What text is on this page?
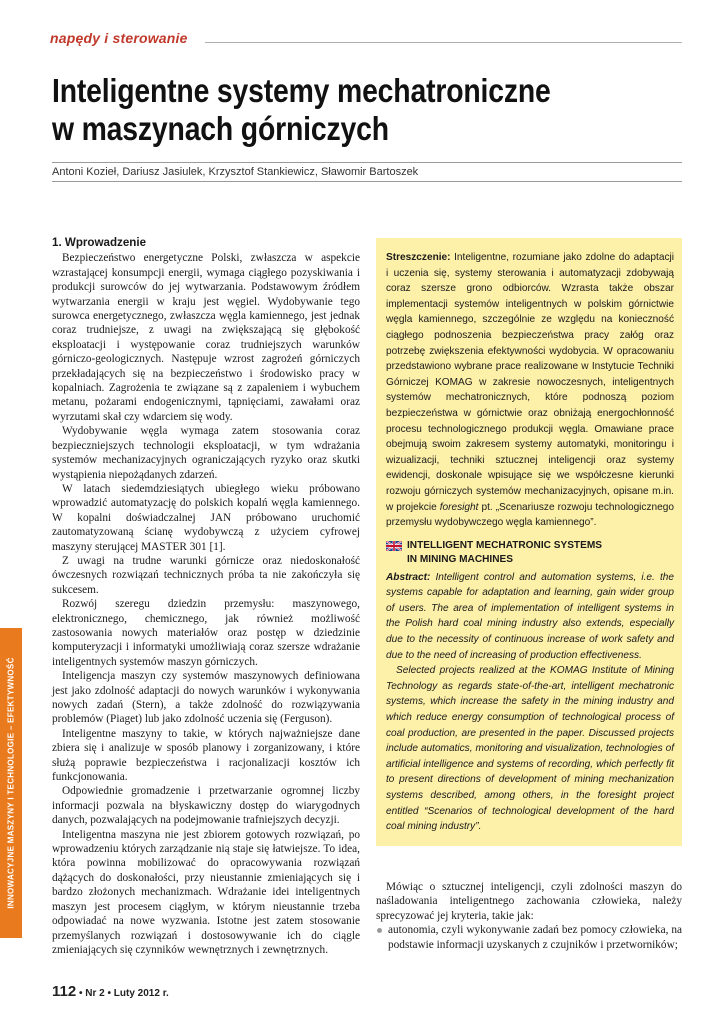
napędy i sterowanie
Inteligentne systemy mechatroniczne
w maszynach górniczych
Antoni Kozieł, Dariusz Jasiulek, Krzysztof Stankiewicz, Sławomir Bartoszek
INNOWACYJNE MASZYNY I TECHNOLOGIE – EFEKTYWNOŚĆ
1. Wprowadzenie

Bezpieczeństwo energetyczne Polski, zwłaszcza w aspekcie wzrastającej konsumpcji energii, wymaga ciągłego pozyskiwania i produkcji surowców do jej wytwarzania. Podstawowym źródłem wytwarzania energii w kraju jest węgiel. Wydobywanie tego surowca energetycznego, zwłaszcza węgla kamiennego, jest jednak coraz trudniejsze, z uwagi na zwiększającą się głębokość eksploatacji i występowanie coraz trudniejszych warunków górniczo-geologicznych. Następuje wzrost zagrożeń górniczych przekładających się na bezpieczeństwo i środowisko pracy w kopalniach. Zagrożenia te związane są z zapaleniem i wybuchem metanu, pożarami endogenicznymi, tąpnięciami, zawałami oraz wyrzutami skał czy wdarciem się wody.

Wydobywanie węgla wymaga zatem stosowania coraz bezpieczniejszych technologii eksploatacji, w tym wdrażania systemów mechanizacyjnych ograniczających ryzyko oraz skutki wystąpienia niepożądanych zdarzeń.

W latach siedemdziesiątych ubiegłego wieku próbowano wprowadzić automatyzację do polskich kopalń węgla kamiennego. W kopalni doświadczalnej JAN próbowano uruchomić zautomatyzowaną ścianę wydobywczą z użyciem cyfrowej maszyny sterującej MASTER 301 [1].

Z uwagi na trudne warunki górnicze oraz niedoskonałość ówczesnych rozwiązań technicznych próba ta nie zakończyła się sukcesem.

Rozwój szeregu dziedzin przemysłu: maszynowego, elektronicznego, chemicznego, jak również możliwość zastosowania nowych materiałów oraz postęp w dziedzinie komputeryzacji i informatyki umożliwiają coraz szersze wdrażanie inteligentnych systemów maszyn górniczych.

Inteligencja maszyn czy systemów maszynowych definiowana jest jako zdolność adaptacji do nowych warunków i wykonywania nowych zadań (Stern), a także zdolność do rozwiązywania problemów (Piaget) lub jako zdolność uczenia się (Ferguson).

Inteligentne maszyny to takie, w których najważniejsze dane zbiera się i analizuje w sposób planowy i zorganizowany, i które służą poprawie bezpieczeństwa i racjonalizacji kosztów ich funkcjonowania.

Odpowiednie gromadzenie i przetwarzanie ogromnej liczby informacji pozwala na błyskawiczny dostęp do wiarygodnych danych, pozwalających na podejmowanie trafniejszych decyzji.

Inteligentna maszyna nie jest zbiorem gotowych rozwiązań, po wprowadzeniu których zarządzanie nią staje się łatwiejsze. To idea, która powinna mobilizować do opracowywania rozwiązań dążących do doskonałości, przy nieustannie zmieniających się i bardzo złożonych mechanizmach. Wdrażanie idei inteligentnych maszyn jest procesem ciągłym, w którym nieustannie trzeba odpowiadać na nowe wyzwania. Istotne jest zatem stosowanie przemyślanych rozwiązań i dostosowywanie ich do ciągle zmieniających się czynników wewnętrznych i zewnętrznych.

Streszczenie: Inteligentne, rozumiane jako zdolne do adaptacji i uczenia się, systemy sterowania i automatyzacji zdobywają coraz szersze grono odbiorców. Wzrasta także obszar implementacji systemów inteligentnych w polskim górnictwie węgla kamiennego, szczególnie ze względu na konieczność ciągłego podnoszenia bezpieczeństwa pracy załóg oraz potrzebę zwiększenia efektywności wydobycia. W opracowaniu przedstawiono wybrane prace realizowane w Instytucie Techniki Górniczej KOMAG w zakresie nowoczesnych, inteligentnych systemów mechatronicznych, które podnoszą poziom bezpieczeństwa w górnictwie oraz obniżają energochłonność procesu technologicznego produkcji węgla. Omawiane prace obejmują swoim zakresem systemy automatyki, monitoringu i wizualizacji, techniki sztucznej inteligencji oraz systemy ewidencji, doskonale wpisujące się we współczesne kierunki rozwoju górniczych systemów mechanizacyjnych, opisane m.in. w projekcie foresight pt. „Scenariusze rozwoju technologicznego przemysłu wydobywczego węgla kamiennego”.

INTELLIGENT MECHATRONIC SYSTEMS
IN MINING MACHINES

Abstract: Intelligent control and automation systems, i.e. the systems capable for adaptation and learning, gain wider group of users. The area of implementation of intelligent systems in the Polish hard coal mining industry also extends, especially due to the necessity of continuous increase of work safety and due to the need of increasing of production effectiveness.

Selected projects realized at the KOMAG Institute of Mining Technology as regards state-of-the-art, intelligent mechatronic systems, which increase the safety in the mining industry and which reduce energy consumption of technological process of coal production, are presented in the paper. Discussed projects include automatics, monitoring and visualization, technologies of artificial intelligence and systems of recording, which perfectly fit to present directions of development of mining mechanization systems described, among others, in the foresight project entitled “Scenarios of technological development of the hard coal mining industry”.

Mówiąc o sztucznej inteligencji, czyli zdolności maszyn do naśladowania inteligentnego zachowania człowieka, należy sprecyzować jej kryteria, takie jak:

autonomia, czyli wykonywanie zadań bez pomocy człowieka, na podstawie informacji uzyskanych z czujników i przetworników;
112 • Nr 2 • Luty 2012 r.
